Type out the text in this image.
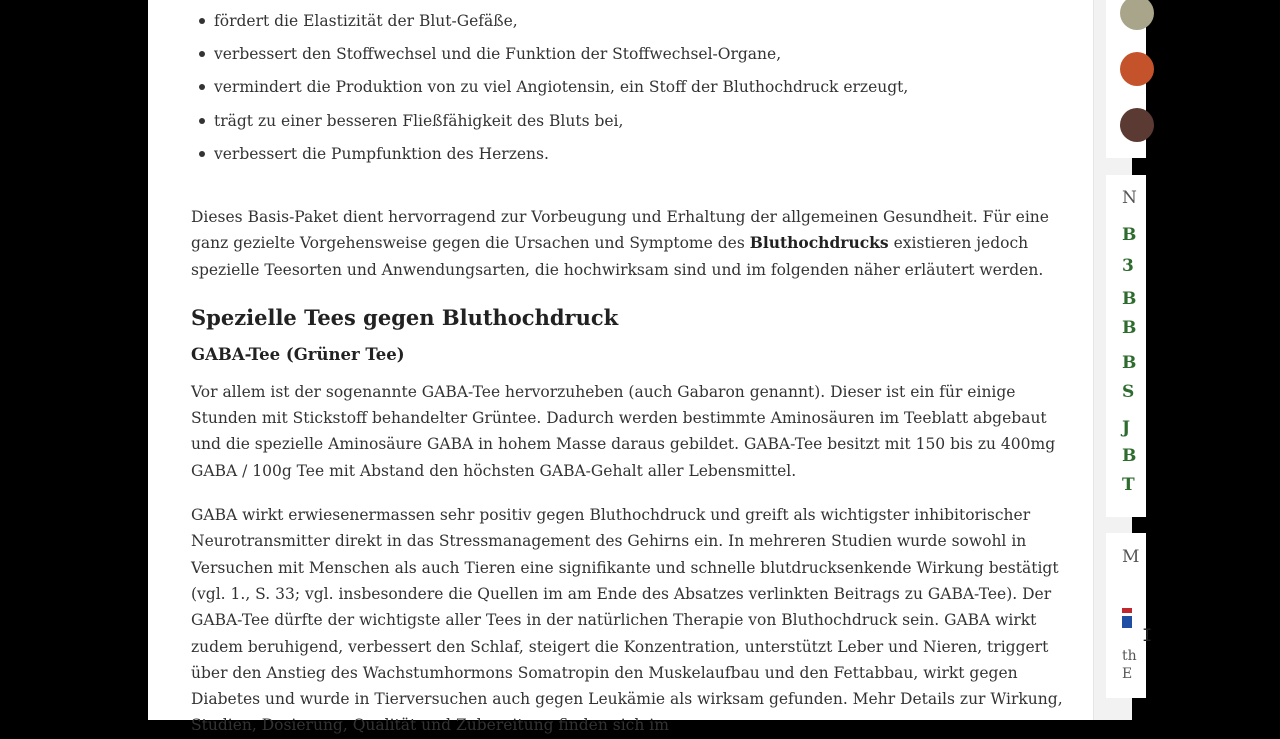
fördert die Elastizität der Blut-Gefäße,
verbessert den Stoffwechsel und die Funktion der Stoffwechsel-Organe,
vermindert die Produktion von zu viel Angiotensin, ein Stoff der Bluthochdruck erzeugt,
trägt zu einer besseren Fließfähigkeit des Bluts bei,
verbessert die Pumpfunktion des Herzens.

Dieses Basis-Paket dient hervorragend zur Vorbeugung und Erhaltung der allgemeinen Gesundheit. Für eine ganz gezielte Vorgehensweise gegen die Ursachen und Symptome des Bluthochdrucks existieren jedoch spezielle Teesorten und Anwendungsarten, die hochwirksam sind und im folgenden näher erläutert werden.

Spezielle Tees gegen Bluthochdruck
GABA-Tee (Grüner Tee)

Vor allem ist der sogenannte GABA-Tee hervorzuheben (auch Gabaron genannt). Dieser ist ein für einige Stunden mit Stickstoff behandelter Grüntee. Dadurch werden bestimmte Aminosäuren im Teeblatt abgebaut und die spezielle Aminosäure GABA in hohem Masse daraus gebildet. GABA-Tee besitzt mit 150 bis zu 400mg GABA / 100g Tee mit Abstand den höchsten GABA-Gehalt aller Lebensmittel.

GABA wirkt erwiesenermassen sehr positiv gegen Bluthochdruck und greift als wichtigster inhibitorischer Neurotransmitter direkt in das Stressmanagement des Gehirns ein. In mehreren Studien wurde sowohl in Versuchen mit Menschen als auch Tieren eine signifikante und schnelle blutdrucksenkende Wirkung bestätigt (vgl. 1., S. 33; vgl. insbesondere die Quellen im am Ende des Absatzes verlinkten Beitrags zu GABA-Tee). Der GABA-Tee dürfte der wichtigste aller Tees in der natürlichen Therapie von Bluthochdruck sein. GABA wirkt zudem beruhigend, verbessert den Schlaf, steigert die Konzentration, unterstützt Leber und Nieren, triggert über den Anstieg des Wachstumhormons Somatropin den Muskelaufbau und den Fettabbau, wirkt gegen Diabetes und wurde in Tierversuchen auch gegen Leukämie als wirksam gefunden. Mehr Details zur Wirkung, Studien, Dosierung, Qualität und Zubereitung finden sich im

N
B
3
B
B
B
S
J
B
T
M
th
E
I
